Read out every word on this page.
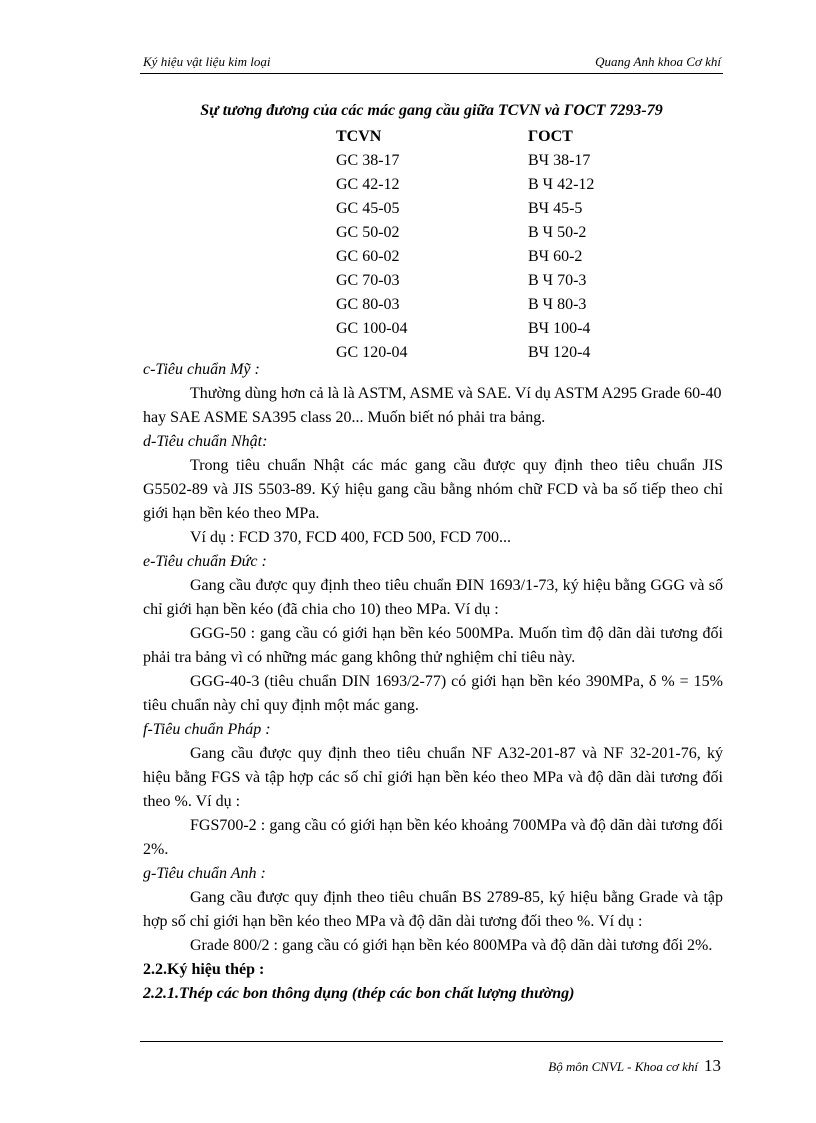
Ký hiệu vật liệu kim loại	Quang Anh khoa Cơ khí
Sự tương đương của các mác gang cầu giữa TCVN và ΓOCT 7293-79
TCVN	ΓOCT
GC 38-17	BЧ 38-17
GC 42-12	B Ч 42-12
GC 45-05	BЧ 45-5
GC 50-02	B Ч 50-2
GC 60-02	BЧ 60-2
GC 70-03	B Ч 70-3
GC 80-03	B Ч 80-3
GC 100-04	BЧ 100-4
GC 120-04	BЧ 120-4

c-Tiêu chuẩn Mỹ :

Thường dùng hơn cả là là ASTM, ASME và SAE. Ví dụ ASTM A295 Grade 60-40 hay SAE ASME SA395 class 20... Muốn biết nó phải tra bảng.

d-Tiêu chuẩn Nhật:

Trong tiêu chuẩn Nhật các mác gang cầu được quy định theo tiêu chuẩn JIS G5502-89 và JIS 5503-89. Ký hiệu gang cầu bằng nhóm chữ FCD và ba số tiếp theo chỉ giới hạn bền kéo theo MPa.

Ví dụ : FCD 370, FCD 400, FCD 500, FCD 700...

e-Tiêu chuẩn Đức :

Gang cầu được quy định theo tiêu chuẩn ĐIN 1693/1-73, ký hiệu bằng GGG và số chỉ giới hạn bền kéo (đã chia cho 10) theo MPa. Ví dụ :

GGG-50 : gang cầu có giới hạn bền kéo 500MPa. Muốn tìm độ dãn dài tương đối phải tra bảng vì có những mác gang không thử nghiệm chỉ tiêu này.

GGG-40-3 (tiêu chuẩn DIN 1693/2-77) có giới hạn bền kéo 390MPa, δ % = 15% tiêu chuẩn này chỉ quy định một mác gang.

f-Tiêu chuẩn Pháp :

Gang cầu được quy định theo tiêu chuẩn NF A32-201-87 và NF 32-201-76, ký hiệu bằng FGS và tập hợp các số chỉ giới hạn bền kéo theo MPa và độ dãn dài tương đối theo %. Ví dụ :

FGS700-2 : gang cầu có giới hạn bền kéo khoảng 700MPa và độ dãn dài tương đối 2%.

g-Tiêu chuẩn Anh :

Gang cầu được quy định theo tiêu chuẩn BS 2789-85, ký hiệu bằng Grade và tập hợp số chỉ giới hạn bền kéo theo MPa và độ dãn dài tương đối theo %. Ví dụ :

Grade 800/2 : gang cầu có giới hạn bền kéo 800MPa và độ dãn dài tương đối 2%.

2.2.Ký hiệu thép :

2.2.1.Thép các bon thông dụng (thép các bon chất lượng thường)

Bộ môn CNVL - Khoa cơ khí 13
